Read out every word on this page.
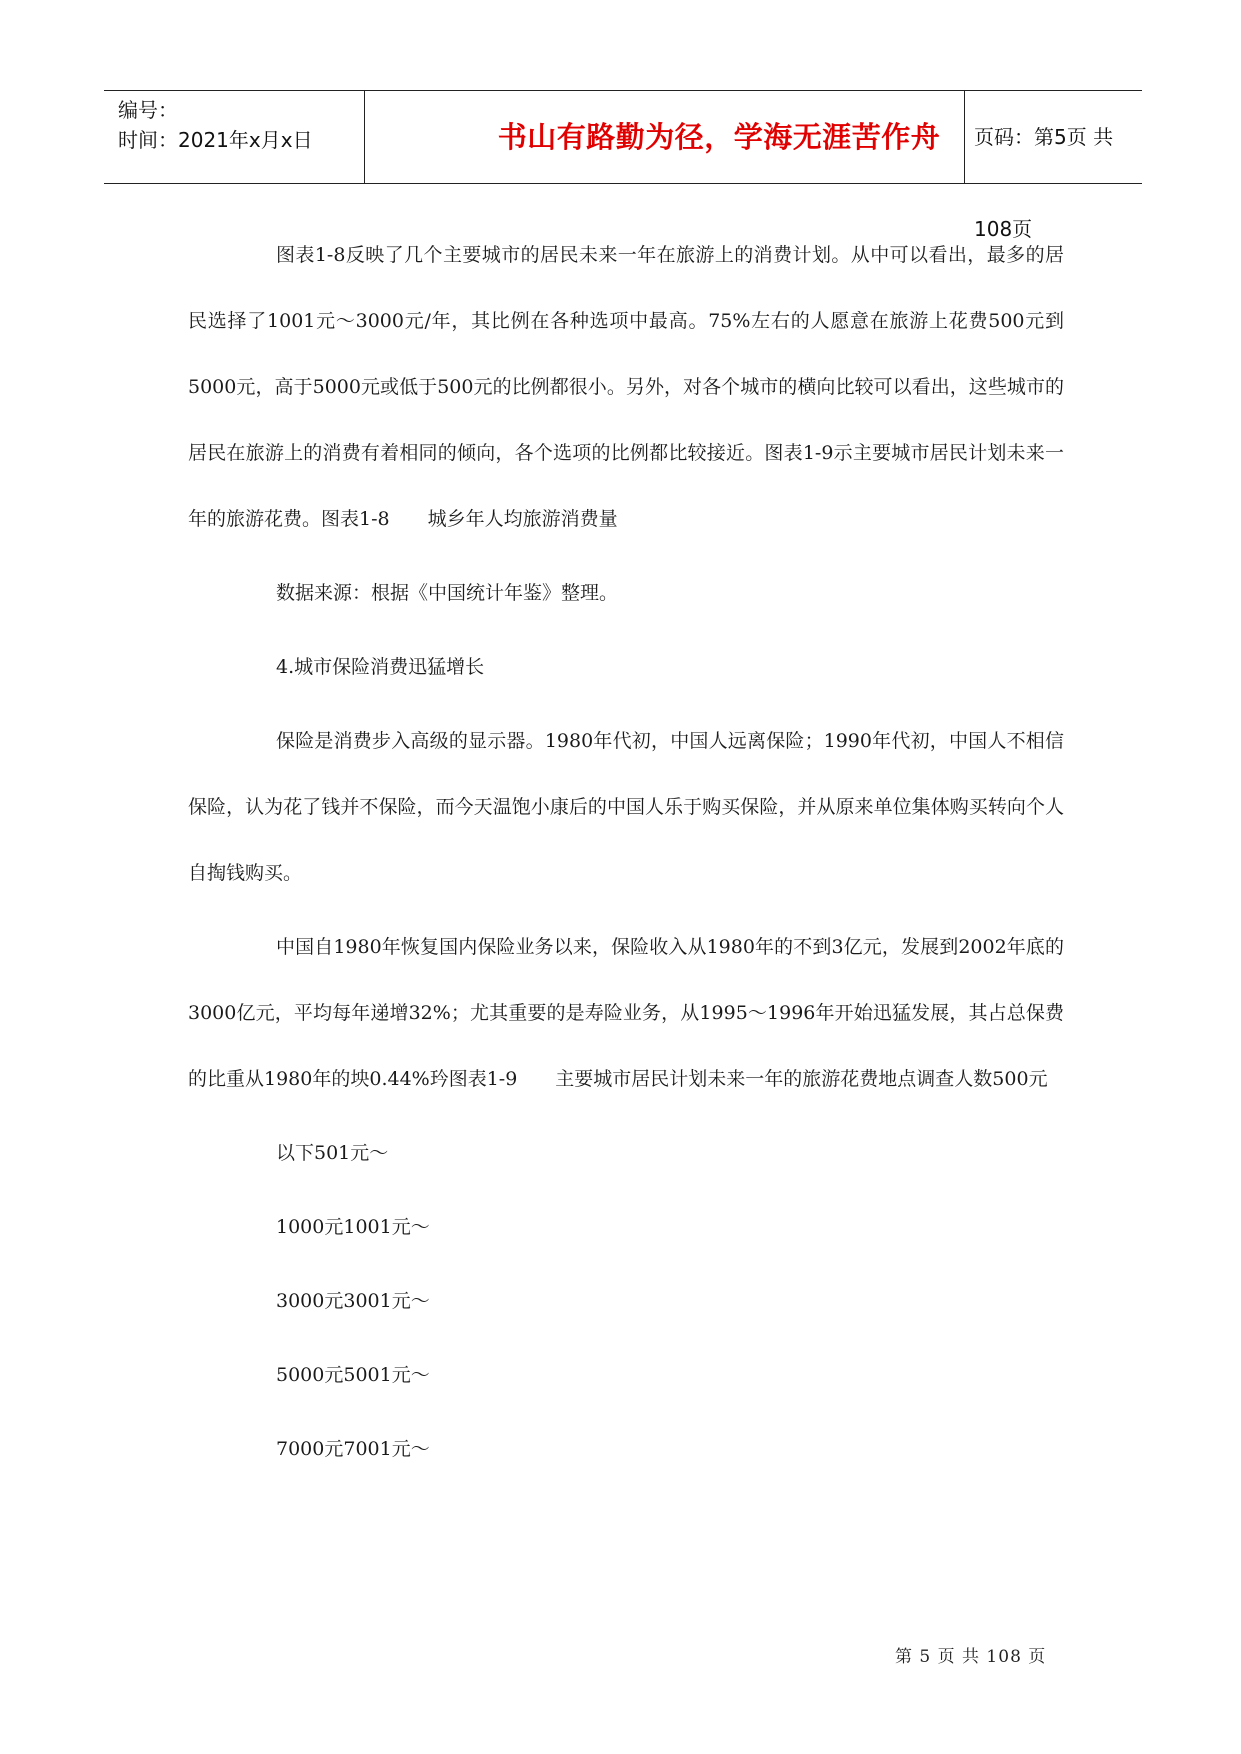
编号：
时间：2021年x月x日	书山有路勤为径，学海无涯苦作舟	页码：第5页 共108页

图表1-8反映了几个主要城市的居民未来一年在旅游上的消费计划。从中可以看出，最多的居民选择了1001元～3000元/年，其比例在各种选项中最高。75%左右的人愿意在旅游上花费500元到5000元，高于5000元或低于500元的比例都很小。另外，对各个城市的横向比较可以看出，这些城市的居民在旅游上的消费有着相同的倾向，各个选项的比例都比较接近。图表1-9示主要城市居民计划未来一年的旅游花费。图表1-8　　城乡年人均旅游消费量

数据来源：根据《中国统计年鉴》整理。

4.城市保险消费迅猛增长

保险是消费步入高级的显示器。1980年代初，中国人远离保险；1990年代初，中国人不相信保险，认为花了钱并不保险，而今天温饱小康后的中国人乐于购买保险，并从原来单位集体购买转向个人自掏钱购买。

中国自1980年恢复国内保险业务以来，保险收入从1980年的不到3亿元，发展到2002年底的3000亿元，平均每年递增32%；尤其重要的是寿险业务，从1995～1996年开始迅猛发展，其占总保费的比重从1980年的坱0.44%玪图表1-9　　主要城市居民计划未来一年的旅游花费地点调查人数500元

以下501元～

1000元1001元～

3000元3001元～

5000元5001元～

7000元7001元～

第 5 页 共 108 页
